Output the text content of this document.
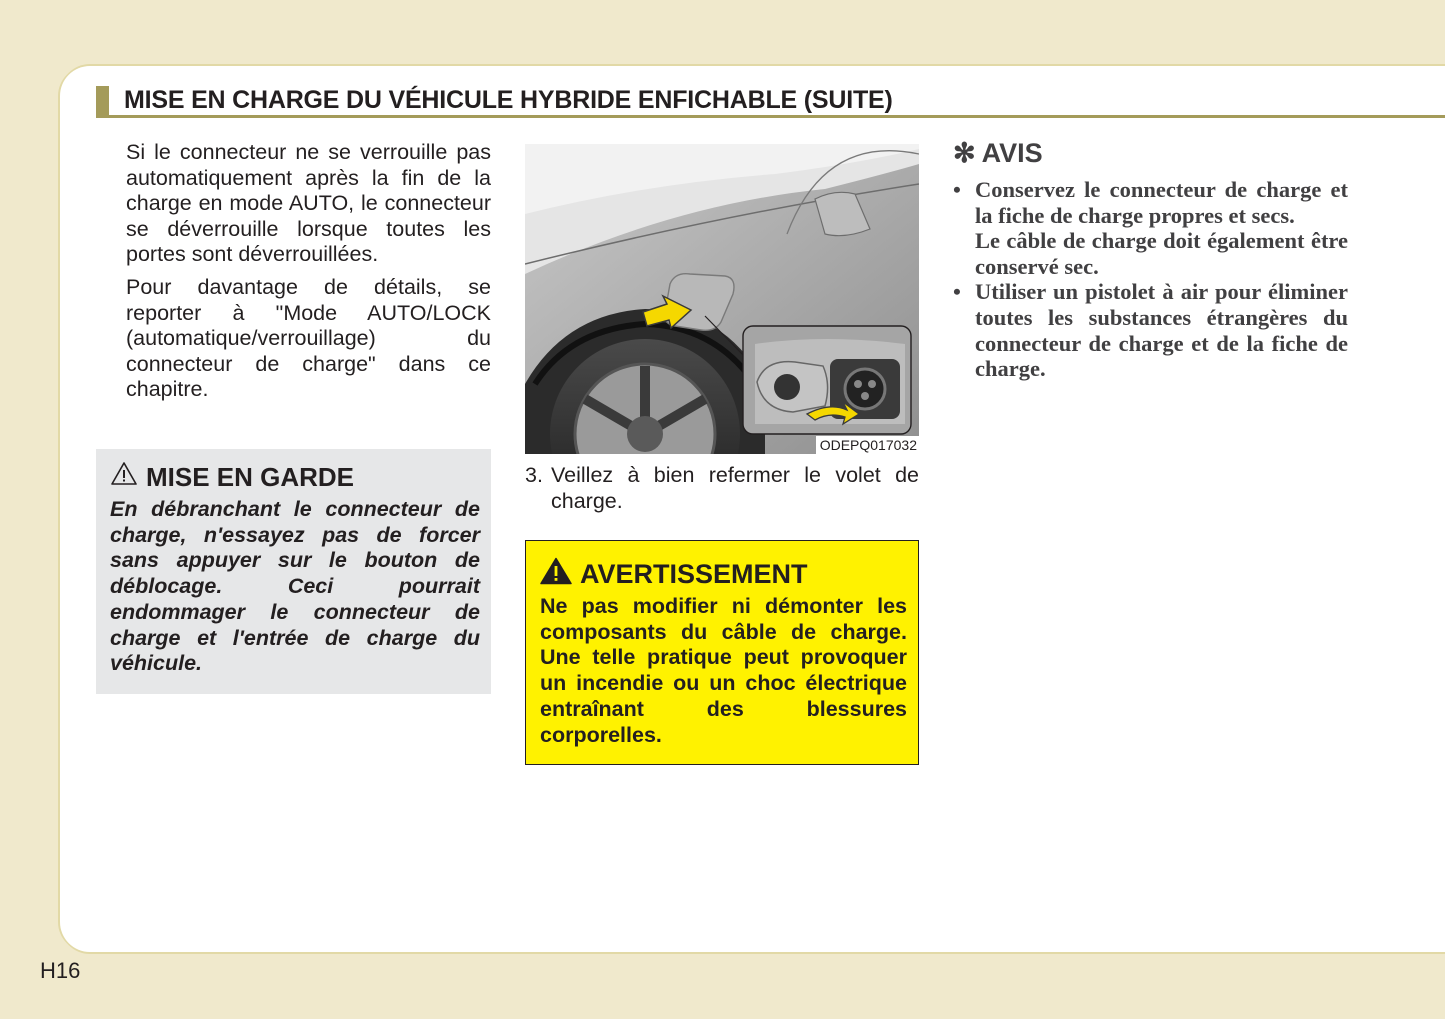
MISE EN CHARGE DU VÉHICULE HYBRIDE ENFICHABLE (SUITE)

Si le connecteur ne se verrouille pas automatiquement après la fin de la charge en mode AUTO, le connecteur se déverrouille lorsque toutes les portes sont déverrouillées.

Pour davantage de détails, se reporter à "Mode AUTO/LOCK (automatique/verrouillage) du connecteur de charge" dans ce chapitre.

MISE EN GARDE
En débranchant le connecteur de charge, n'essayez pas de forcer sans appuyer sur le bouton de déblocage. Ceci pourrait endommager le connecteur de charge et l'entrée de charge du véhicule.
ODEPQ017032
3. Veillez à bien refermer le volet de charge.
AVERTISSEMENT
Ne pas modifier ni démonter les composants du câble de charge. Une telle pratique peut provoquer un incendie ou un choc électrique entraînant des blessures corporelles.
✻ AVIS
• Conservez le connecteur de charge et la fiche de charge propres et secs.
Le câble de charge doit également être conservé sec.
• Utiliser un pistolet à air pour éliminer toutes les substances étrangères du connecteur de charge et de la fiche de charge.
H16
